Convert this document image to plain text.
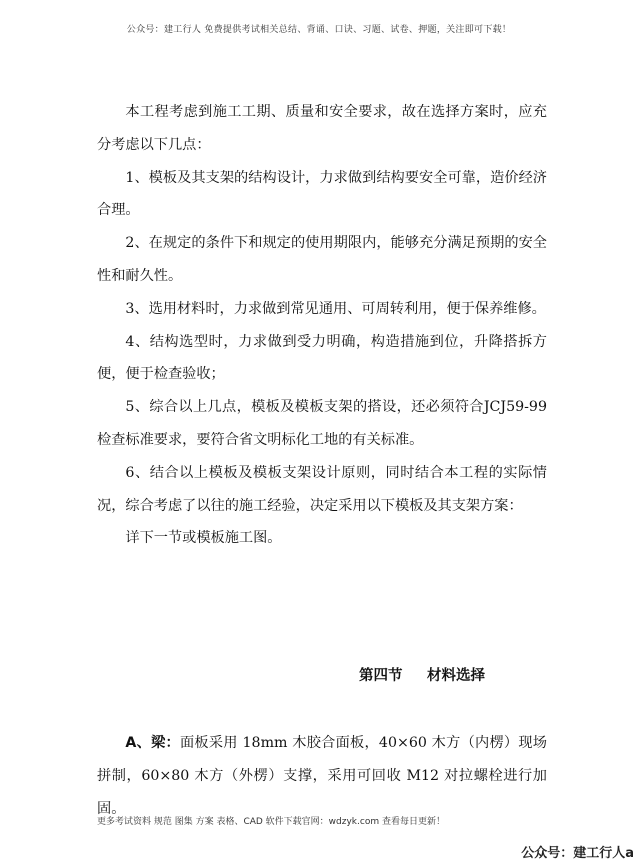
公众号：建工行人 免费提供考试相关总结、背诵、口诀、习题、试卷、押题，关注即可下载！

本工程考虑到施工工期、质量和安全要求，故在选择方案时，应充分考虑以下几点：

1、模板及其支架的结构设计，力求做到结构要安全可靠，造价经济合理。

2、在规定的条件下和规定的使用期限内，能够充分满足预期的安全性和耐久性。

3、选用材料时，力求做到常见通用、可周转利用，便于保养维修。

4、结构选型时，力求做到受力明确，构造措施到位，升降搭拆方便，便于检查验收；

5、综合以上几点，模板及模板支架的搭设，还必须符合JCJ59-99 检查标准要求，要符合省文明标化工地的有关标准。

6、结合以上模板及模板支架设计原则，同时结合本工程的实际情况，综合考虑了以往的施工经验，决定采用以下模板及其支架方案：

详下一节或模板施工图。

第四节 材料选择

A、梁：面板采用 18mm 木胶合面板，40×60 木方（内楞）现场拼制，60×80 木方（外楞）支撑，采用可回收 M12 对拉螺栓进行加固。

更多考试资料 规范 图集 方案 表格、CAD 软件下载官网：wdzyk.com 查看每日更新！
公众号：建工行人a
